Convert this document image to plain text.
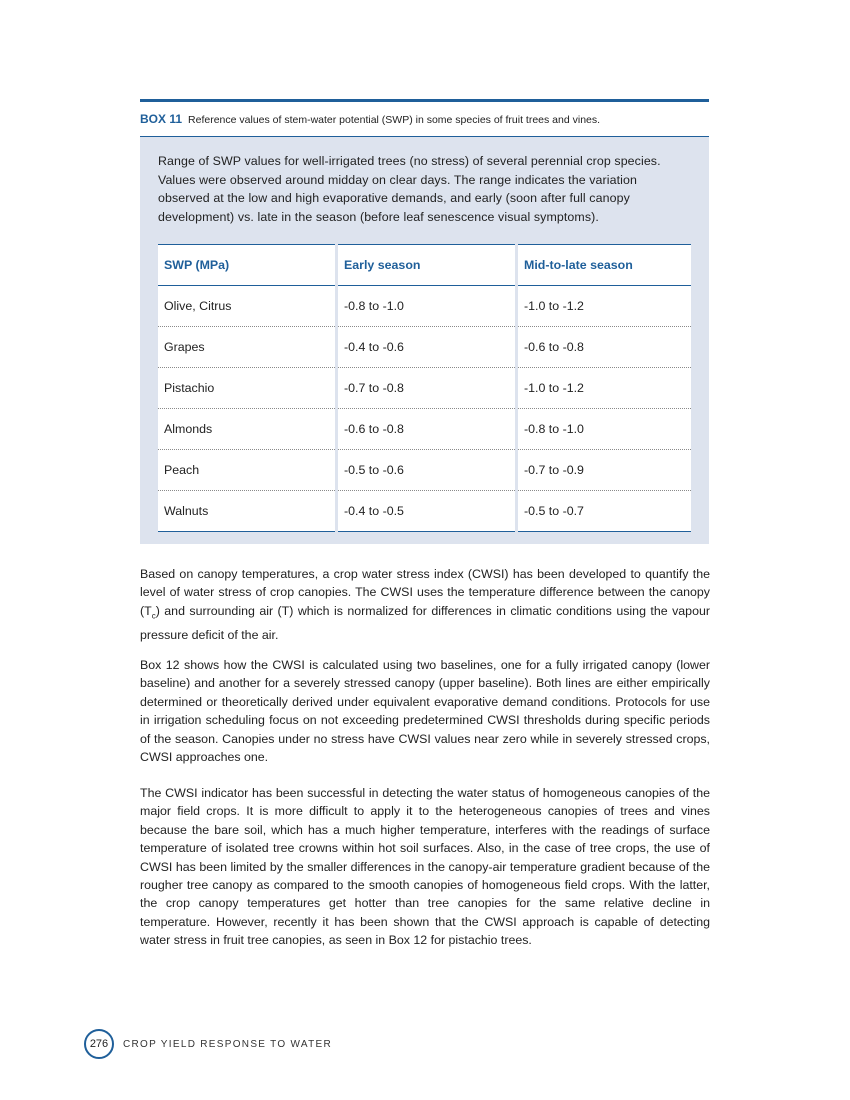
BOX 11 Reference values of stem-water potential (SWP) in some species of fruit trees and vines.
Range of SWP values for well-irrigated trees (no stress) of several perennial crop species. Values were observed around midday on clear days. The range indicates the variation observed at the low and high evaporative demands, and early (soon after full canopy development) vs. late in the season (before leaf senescence visual symptoms).
SWP (MPa)	Early season	Mid-to-late season
Olive, Citrus	-0.8 to -1.0	-1.0 to -1.2
Grapes	-0.4 to -0.6	-0.6 to -0.8
Pistachio	-0.7 to -0.8	-1.0 to -1.2
Almonds	-0.6 to -0.8	-0.8 to -1.0
Peach	-0.5 to -0.6	-0.7 to -0.9
Walnuts	-0.4 to -0.5	-0.5 to -0.7

Based on canopy temperatures, a crop water stress index (CWSI) has been developed to quantify the level of water stress of crop canopies. The CWSI uses the temperature difference between the canopy $(T_c)$ and surrounding air (T) which is normalized for differences in climatic conditions using the vapour pressure deficit of the air.

Box 12 shows how the CWSI is calculated using two baselines, one for a fully irrigated canopy (lower baseline) and another for a severely stressed canopy (upper baseline). Both lines are either empirically determined or theoretically derived under equivalent evaporative demand conditions. Protocols for use in irrigation scheduling focus on not exceeding predetermined CWSI thresholds during specific periods of the season. Canopies under no stress have CWSI values near zero while in severely stressed crops, CWSI approaches one.

The CWSI indicator has been successful in detecting the water status of homogeneous canopies of the major field crops. It is more difficult to apply it to the heterogeneous canopies of trees and vines because the bare soil, which has a much higher temperature, interferes with the readings of surface temperature of isolated tree crowns within hot soil surfaces. Also, in the case of tree crops, the use of CWSI has been limited by the smaller differences in the canopy-air temperature gradient because of the rougher tree canopy as compared to the smooth canopies of homogeneous field crops. With the latter, the crop canopy temperatures get hotter than tree canopies for the same relative decline in temperature. However, recently it has been shown that the CWSI approach is capable of detecting water stress in fruit tree canopies, as seen in Box 12 for pistachio trees.

276 CROP YIELD RESPONSE TO WATER
